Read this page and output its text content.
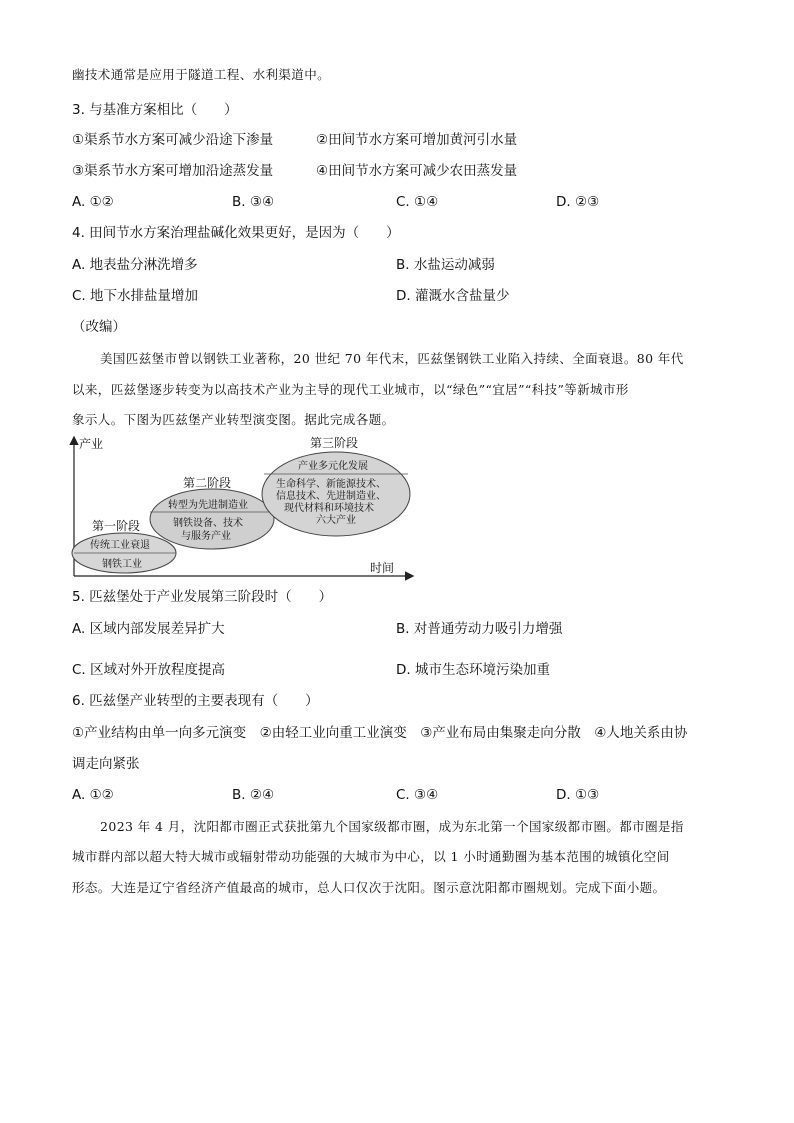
幽技术通常是应用于隧道工程、水利渠道中。
3. 与基准方案相比（　　）
①渠系节水方案可减少沿途下渗量	②田间节水方案可增加黄河引水量
③渠系节水方案可增加沿途蒸发量	④田间节水方案可减少农田蒸发量
A. ①②	B. ③④	C. ①④	D. ②③
4. 田间节水方案治理盐碱化效果更好，是因为（　　）
A. 地表盐分淋洗增多	B. 水盐运动减弱
C. 地下水排盐量增加	D. 灌溉水含盐量少
（改编）
美国匹兹堡市曾以钢铁工业著称，20 世纪 70 年代末，匹兹堡钢铁工业陷入持续、全面衰退。80 年代
以来，匹兹堡逐步转变为以高技术产业为主导的现代工业城市，以“绿色”“宜居”“科技”等新城市形
象示人。下图为匹兹堡产业转型演变图。据此完成各题。
产业
时间
第一阶段
传统工业衰退
钢铁工业
第二阶段
转型为先进制造业
钢铁设备、技术
与服务产业
第三阶段
产业多元化发展
生命科学、新能源技术、
信息技术、先进制造业、
现代材料和环境技术
六大产业
5. 匹兹堡处于产业发展第三阶段时（　　）
A. 区域内部发展差异扩大	B. 对普通劳动力吸引力增强
C. 区域对外开放程度提高	D. 城市生态环境污染加重
6. 匹兹堡产业转型的主要表现有（　　）
①产业结构由单一向多元演变　②由轻工业向重工业演变　③产业布局由集聚走向分散　④人地关系由协
调走向紧张
A. ①②	B. ②④	C. ③④	D. ①③
2023 年 4 月，沈阳都市圈正式获批第九个国家级都市圈，成为东北第一个国家级都市圈。都市圈是指
城市群内部以超大特大城市或辐射带动功能强的大城市为中心，以 1 小时通勤圈为基本范围的城镇化空间
形态。大连是辽宁省经济产值最高的城市，总人口仅次于沈阳。图示意沈阳都市圈规划。完成下面小题。
